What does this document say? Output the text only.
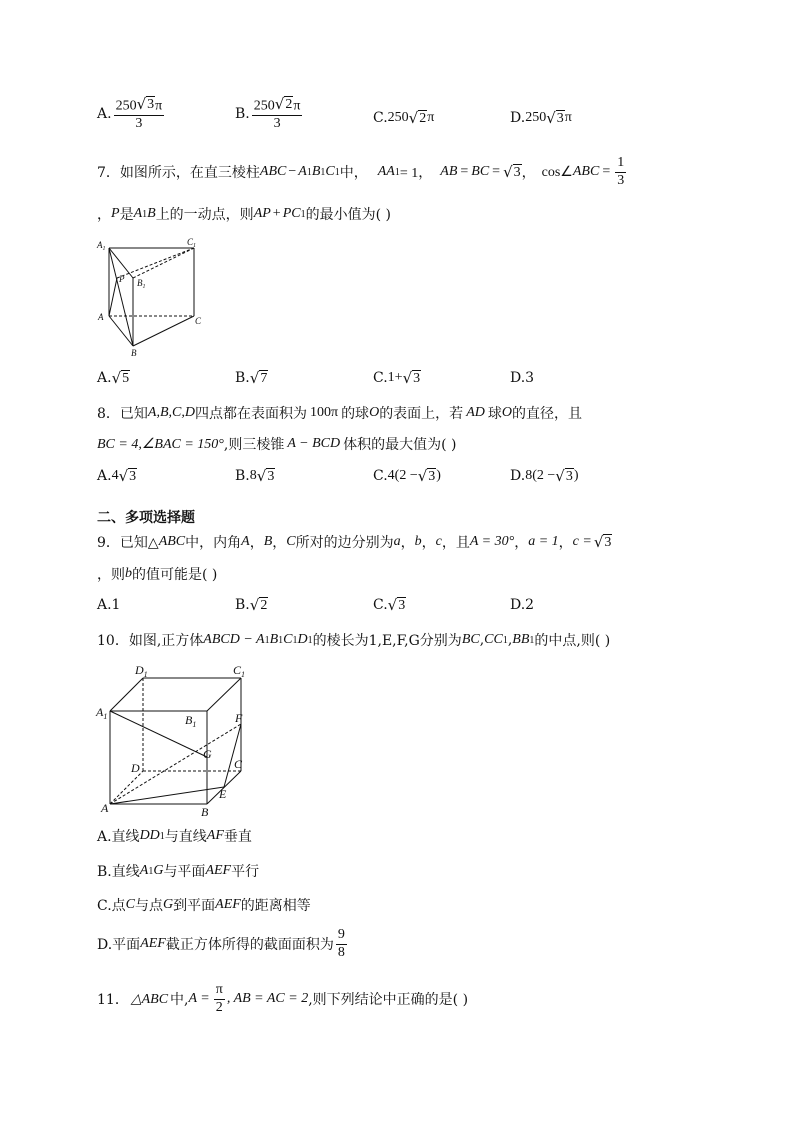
A. $\frac{250 √ 3 \pi}{3}$	B. $\frac{250 √ 2 \pi}{3}$	C. 250 √ 2 π	D. 250 √ 3 π
7． 如图所示，在直三棱柱 ABC − A 1 B 1 C 1 中， AA 1 = 1， AB = BC = √ 3 ， cos∠ ABC = $\frac{1}{3}$
， P 是 A 1 B 上的一动点，则 AP + PC 1 的最小值为( )
$A_1$
$C_1$
P $B_1$
A	C
B
A. √ 5	B. √ 7	C. 1+ √ 3	D.3
8．已知 A,B,C,D 四点都在表面积为 100π 的球 O 的表面上，若 AD 球 O 的直径，且
BC = 4,∠BAC = 150° ,则三棱锥 A − BCD 体积的最大值为( )
A. 4 √ 3	B. 8 √ 3	C. 4(2 − √ 3 )	D. 8(2 − √ 3 )
二、多项选择题
9．已知△ ABC 中，内角 A ， B ， C 所对的边分别为 a ， b ， c ，且 A = 30° ， a = 1 ， c = √ 3
，则 b 的值可能是( )
A.1	B. √ 2	C. √ 3	D.2
10．如图,正方体 ABCD − A 1 B 1 C 1 D 1 的棱长为1,E,F,G分别为 BC , CC 1 , BB 1 的中点,则( )
$D_1$	$C_1$
$A_1$	$B_1$	F
G
D	C
A
E
B
A.直线 DD 1 与直线 AF 垂直
B.直线 A 1 G 与平面 AEF 平行
C.点 C 与点 G 到平面 AEF 的距离相等
D.平面 AEF 截正方体所得的截面面积为 $\frac{9}{8}$
11． △ABC 中, $A = \frac{\pi}{2}$ , AB = AC = 2 ,则下列结论中正确的是( )
